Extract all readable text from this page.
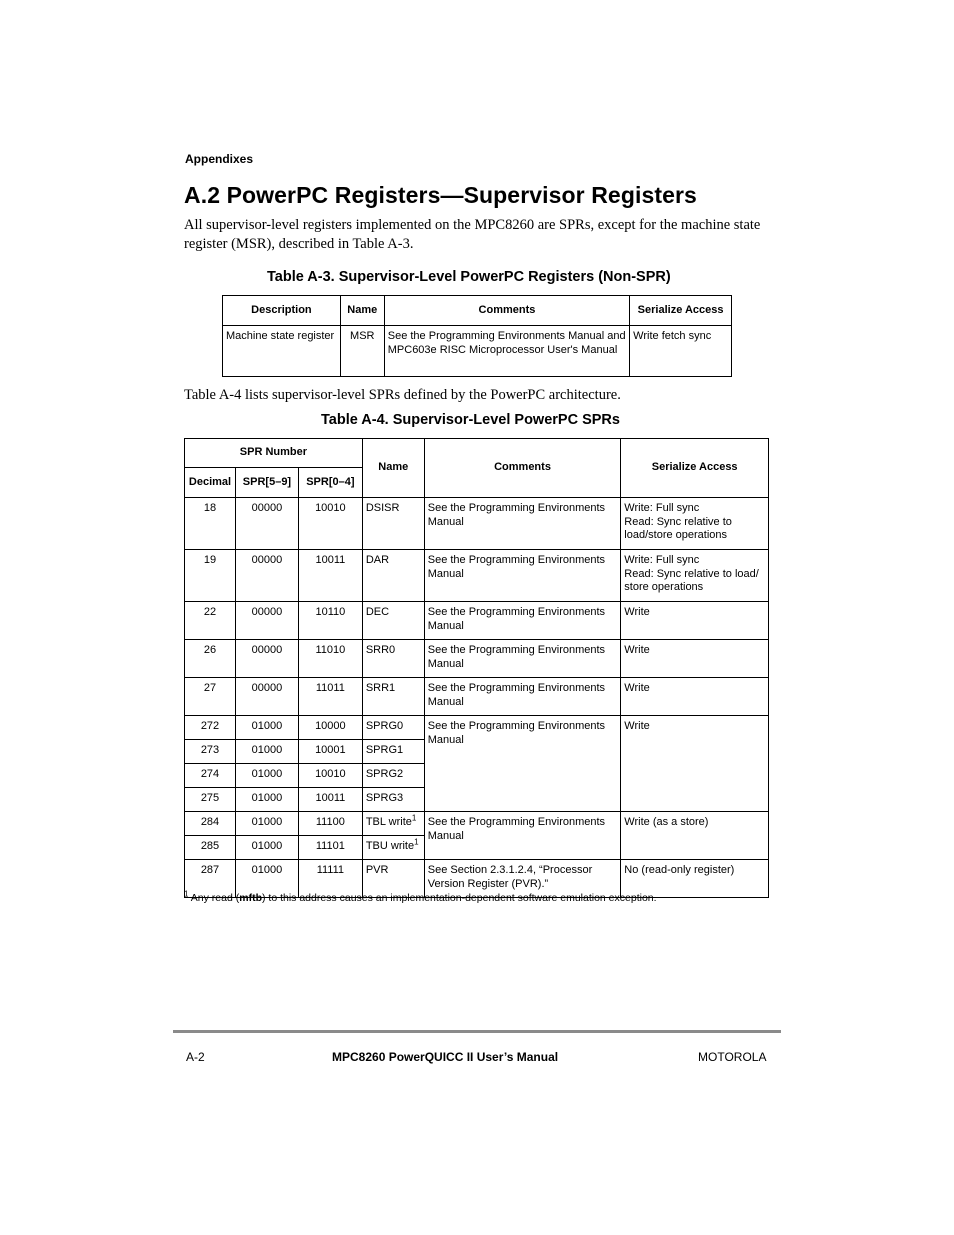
Appendixes
A.2 PowerPC Registers—Supervisor Registers
All supervisor-level registers implemented on the MPC8260 are SPRs, except for the machine state register (MSR), described in Table A-3.
Table A-3. Supervisor-Level PowerPC Registers (Non-SPR)
Description	Name	Comments	Serialize Access
Machine state register	MSR	See the Programming Environments Manual and MPC603e RISC Microprocessor User's Manual	Write fetch sync
Table A-4 lists supervisor-level SPRs defined by the PowerPC architecture.
Table A-4. Supervisor-Level PowerPC SPRs
SPR Number			Name	Comments	Serialize Access
Decimal	SPR[5–9]	SPR[0–4]			
18	00000	10010	DSISR	See the Programming Environments Manual	Write: Full sync
Read: Sync relative to load/store operations
19	00000	10011	DAR	See the Programming Environments Manual	Write: Full sync
Read: Sync relative to load/ store operations
22	00000	10110	DEC	See the Programming Environments Manual	Write
26	00000	11010	SRR0	See the Programming Environments Manual	Write
27	00000	11011	SRR1	See the Programming Environments Manual	Write
272	01000	10000	SPRG0	See the Programming Environments Manual	Write
273	01000	10001	SPRG1		
274	01000	10010	SPRG2		
275	01000	10011	SPRG3		
284	01000	11100	TBL write$^1$	See the Programming Environments Manual	Write (as a store)
285	01000	11101	TBU write$^1$
287	01000	11111	PVR	See Section 2.3.1.2.4, “Processor Version Register (PVR).”	No (read-only register)
$^1$ Any read (mftb) to this address causes an implementation-dependent software emulation exception.
A-2	MPC8260 PowerQUICC II User’s Manual	MOTOROLA
